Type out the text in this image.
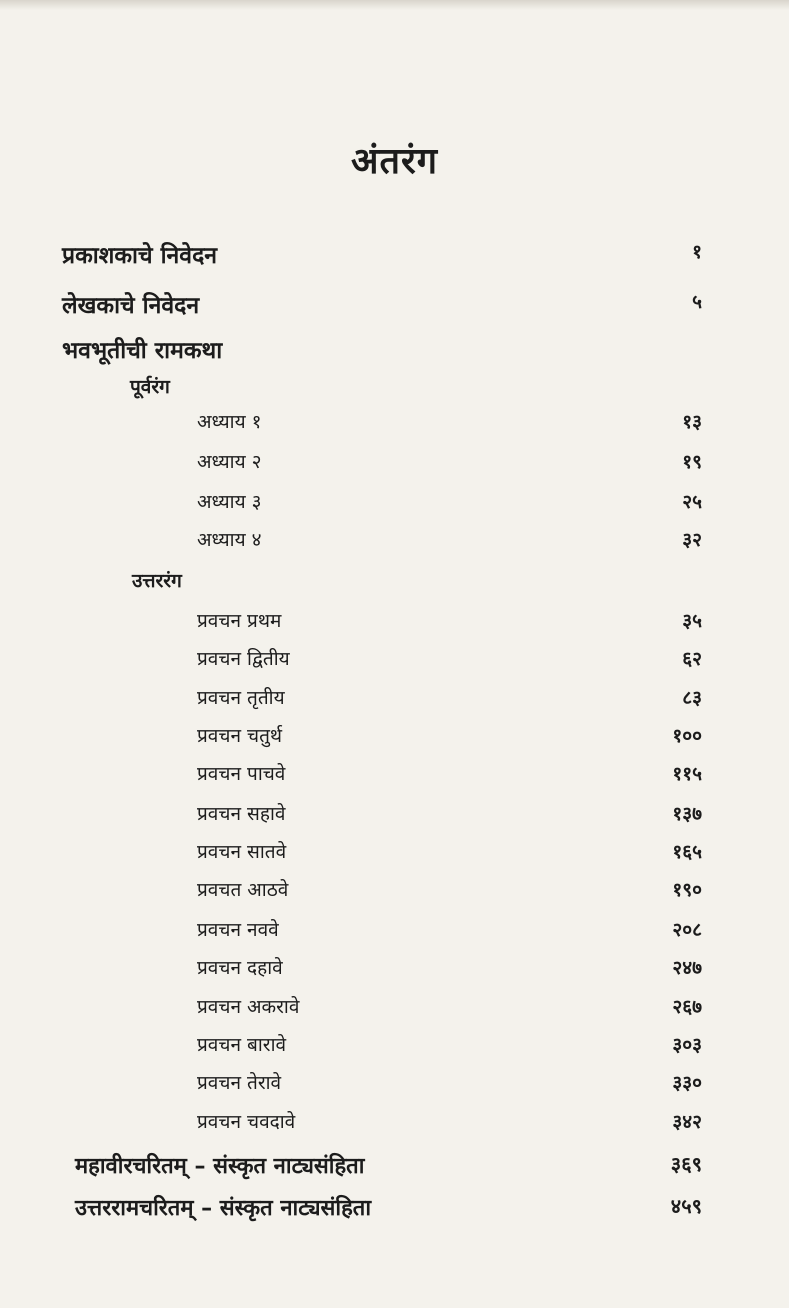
अंतरंग
प्रकाशकाचे निवेदन	१
लेखकाचे निवेदन	५
भवभूतीची रामकथा
पूर्वरंग
अध्याय १	१३
अध्याय २	१९
अध्याय ३	२५
अध्याय ४	३२
उत्तररंग
प्रवचन प्रथम	३५
प्रवचन द्वितीय	६२
प्रवचन तृतीय	८३
प्रवचन चतुर्थ	१००
प्रवचन पाचवे	११५
प्रवचन सहावे	१३७
प्रवचन सातवे	१६५
प्रवचत आठवे	१९०
प्रवचन नववे	२०८
प्रवचन दहावे	२४७
प्रवचन अकरावे	२६७
प्रवचन बारावे	३०३
प्रवचन तेरावे	३३०
प्रवचन चवदावे	३४२
महावीरचरितम् – संस्कृत नाट्यसंहिता	३६९
उत्तररामचरितम् – संस्कृत नाट्यसंहिता	४५९
